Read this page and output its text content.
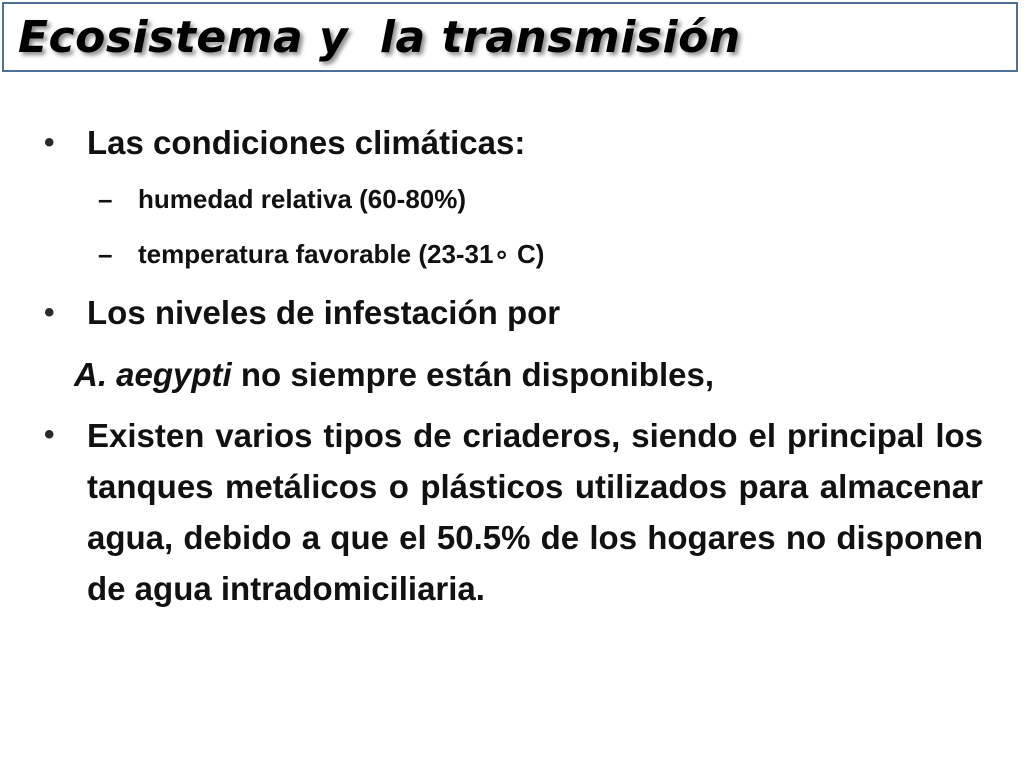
Ecosistema y  la transmisión
• Las condiciones climáticas:
– humedad relativa (60-80%)
– temperatura favorable (23-31∘ C)
• Los niveles de infestación por
A. aegypti no siempre están disponibles,
• Existen varios tipos de criaderos, siendo el principal los tanques metálicos o plásticos utilizados para almacenar agua, debido a que el 50.5% de los hogares no disponen de agua intradomiciliaria.
